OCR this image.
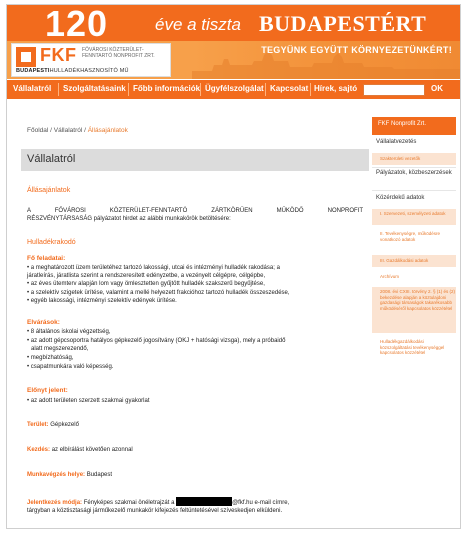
120	éve a tiszta BUDAPESTÉRT
FKF FŐVÁROSI KÖZTERÜLET-FENNTARTÓ NONPROFIT ZRT.
BUDAPESTIHULLADÉKHASZNOSÍTÓ MŰ
TEGYÜNK EGYÜTT KÖRNYEZETÜNKÉRT!
Vállalatról Szolgáltatásaink Főbb információk Ügyfélszolgálat Kapcsolat Hírek, sajtó	OK
Főoldal / Vállalatról / Állásajánlatok
Vállalatról
Állásajánlatok
A FŐVÁROSI KÖZTERÜLET-FENNTARTÓ ZÁRTKÖRŰEN MŰKÖDŐ NONPROFIT
RÉSZVÉNYTÁRSASÁG pályázatot hirdet az alábbi munkakörök betöltésére:
Hulladékrakodó
Fő feladatai:
• a meghatározott üzem területéhez tartozó lakossági, utcai és intézményi hulladék rakodása; a
járatleírás, járatlista szerint a rendszeresített edényzetbe, a vezényelt célgépre, célgépbe,
• az éves ütemterv alapján lom vagy ömlesztetten gyűjtött hulladék szakszerű begyűjtése,
• a szelektív szigetek ürítése, valamint a mellé helyezett frakcióhoz tartozó hulladék összeszedése,
• egyéb lakossági, intézményi szelektív edények ürítése.
Elvárások:
• 8 általános iskolai végzettség,
• az adott gépcsoportra hatályos gépkezelő jogosítvány (OKJ + hatósági vizsga), mely a próbaidő
alatt megszerezendő,
• megbízhatóság,
• csapatmunkára való képesség.
Előnyt jelent:
• az adott területen szerzett szakmai gyakorlat
Terület: Gépkezelő
Kezdés: az elbírálást követően azonnal
Munkavégzés helye: Budapest
Jelentkezés módja: Fényképes szakmai önéletrajzát a	@fkf.hu e-mail címre,
tárgyban a köztisztasági járműkezelő munkakör kifejezés feltüntetésével szíveskedjen elküldeni.
FKF Nonprofit Zrt.
Vállalatvezetés
Szakterületi vezetők
Pályázatok, közbeszerzések
Közérdekű adatok
I. Szervezeti, személyzeti adatok
II. Tevékenységre, működésre vonatkozó adatok
III. Gazdálkodási adatok
Archívum
2008. évi CXIII. törvény 2. § (1) és (2) bekezdése alapján a köztulajdoni gazdasági társaságok takarékosabb működéséről kapcsolatos közzététel
Hulladékgazdálkodási közszolgáltatási tevékenységgel kapcsolatos közzététel
